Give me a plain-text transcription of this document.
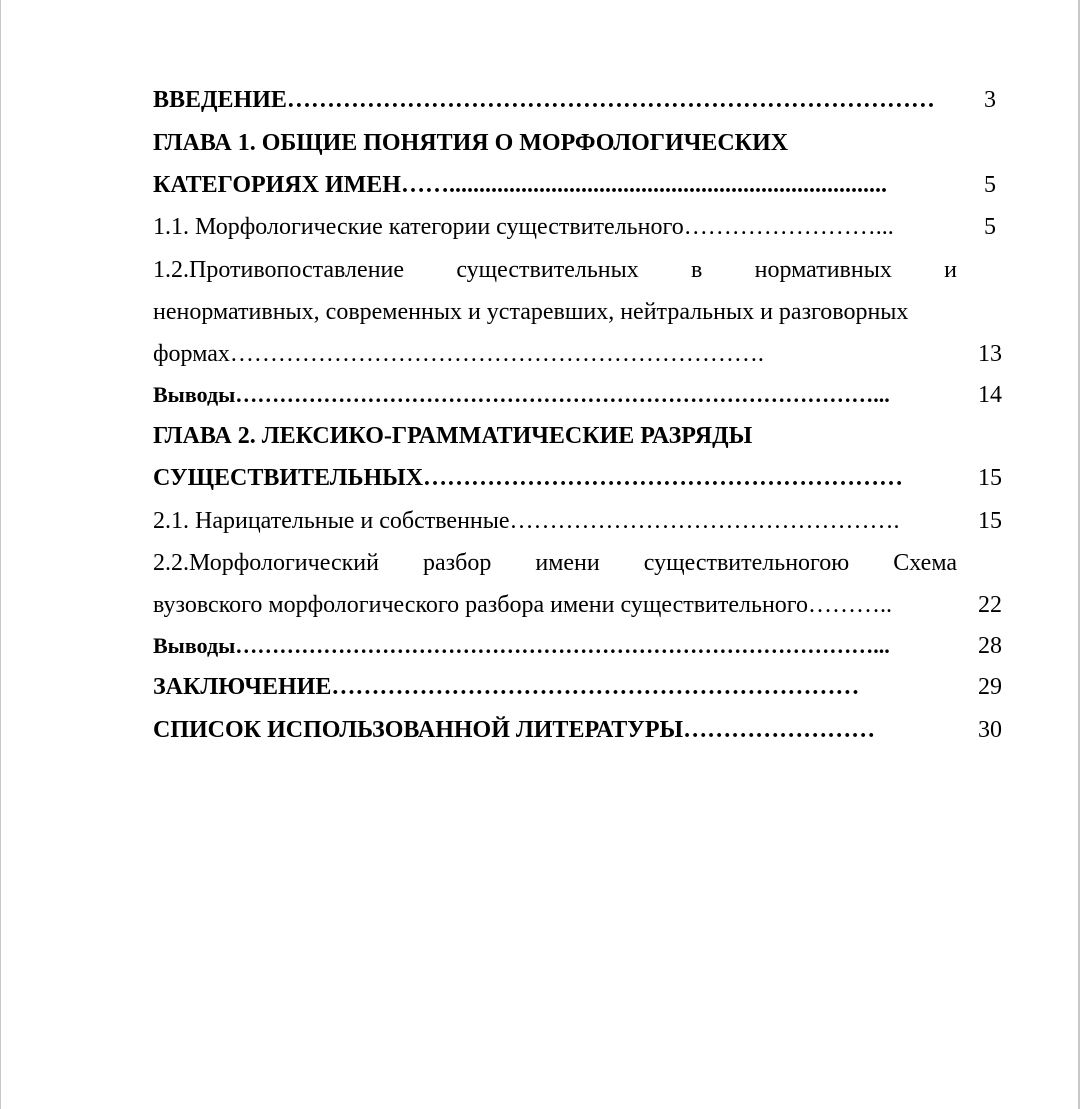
ВВЕДЕНИЕ………………………………………………………………………	3
ГЛАВА 1. ОБЩИЕ ПОНЯТИЯ О МОРФОЛОГИЧЕСКИХ
КАТЕГОРИЯХ ИМЕН…….........................................................................	5
1.1. Морфологические категории существительного……………………...	5
1.2.Противопоставление существительных в нормативных и
ненормативных, современных и устаревших, нейтральных и разговорных
формах………………………………………………………….	13
Выводы……………………………………………………………………………...	14
ГЛАВА 2. ЛЕКСИКО-ГРАММАТИЧЕСКИЕ РАЗРЯДЫ
СУЩЕСТВИТЕЛЬНЫХ……………………………………………………	15
2.1. Нарицательные и собственные………………………………………….	15
2.2.Морфологический разбор имени существительногою Схема
вузовского морфологического разбора имени существительного………..	22
Выводы……………………………………………………………………………...	28
ЗАКЛЮЧЕНИЕ…………………………………………………………	29
СПИСОК ИСПОЛЬЗОВАННОЙ ЛИТЕРАТУРЫ……………………	30
